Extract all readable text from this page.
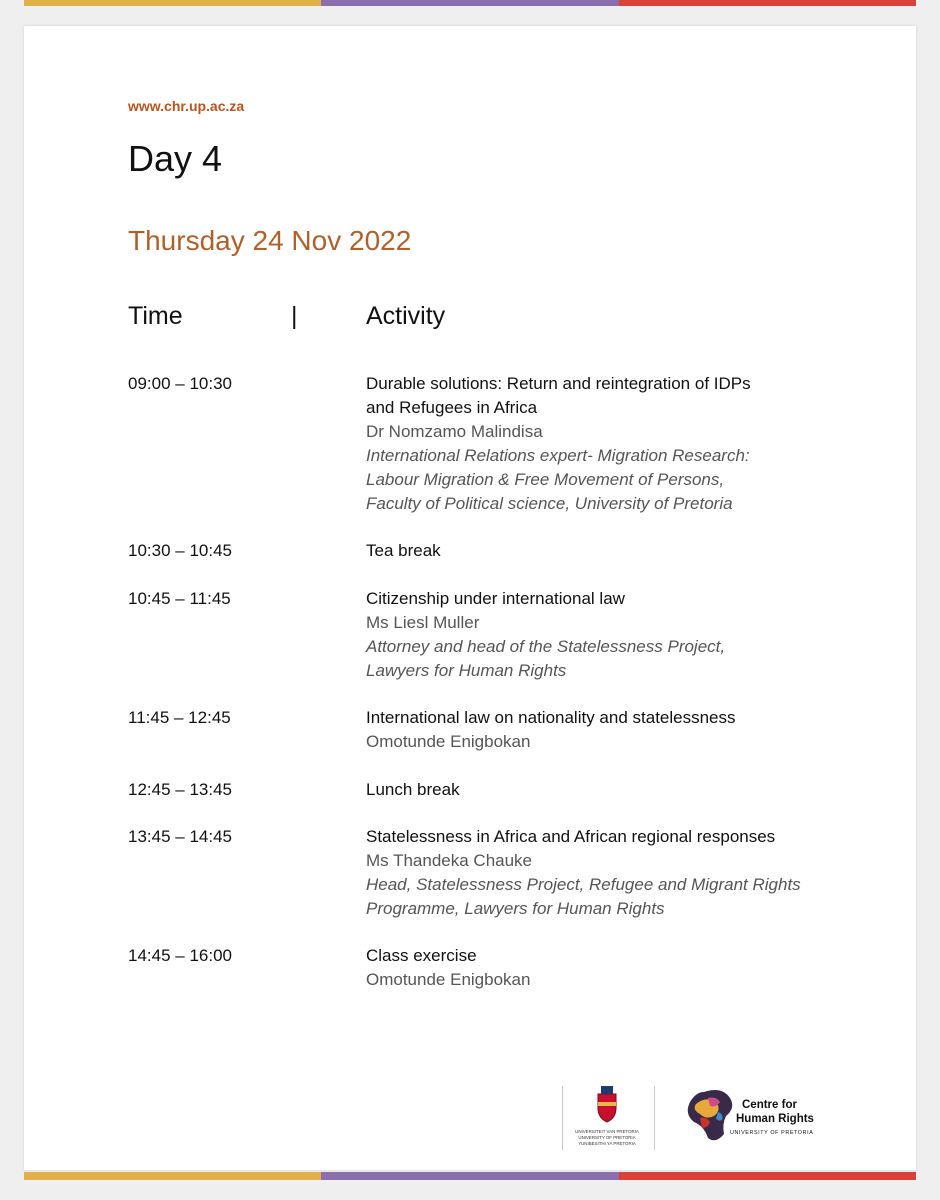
www.chr.up.ac.za
Day 4
Thursday 24 Nov 2022
Time	|	Activity
09:00 – 10:30	Durable solutions: Return and reintegration of IDPs
and Refugees in Africa
Dr Nomzamo Malindisa
International Relations expert- Migration Research:
Labour Migration & Free Movement of Persons,
Faculty of Political science, University of Pretoria
10:30 – 10:45	Tea break
10:45 – 11:45	Citizenship under international law
Ms Liesl Muller
Attorney and head of the Statelessness Project,
Lawyers for Human Rights
11:45 – 12:45	International law on nationality and statelessness
Omotunde Enigbokan
12:45 – 13:45	Lunch break
13:45 – 14:45	Statelessness in Africa and African regional responses
Ms Thandeka Chauke
Head, Statelessness Project, Refugee and Migrant Rights
Programme, Lawyers for Human Rights
14:45 – 16:00	Class exercise
Omotunde Enigbokan
UNIVERSITEIT VAN PRETORIA
UNIVERSITY OF PRETORIA
YUNIBESITHI YA PRETORIA
Centre for
Human Rights
UNIVERSITY OF PRETORIA
